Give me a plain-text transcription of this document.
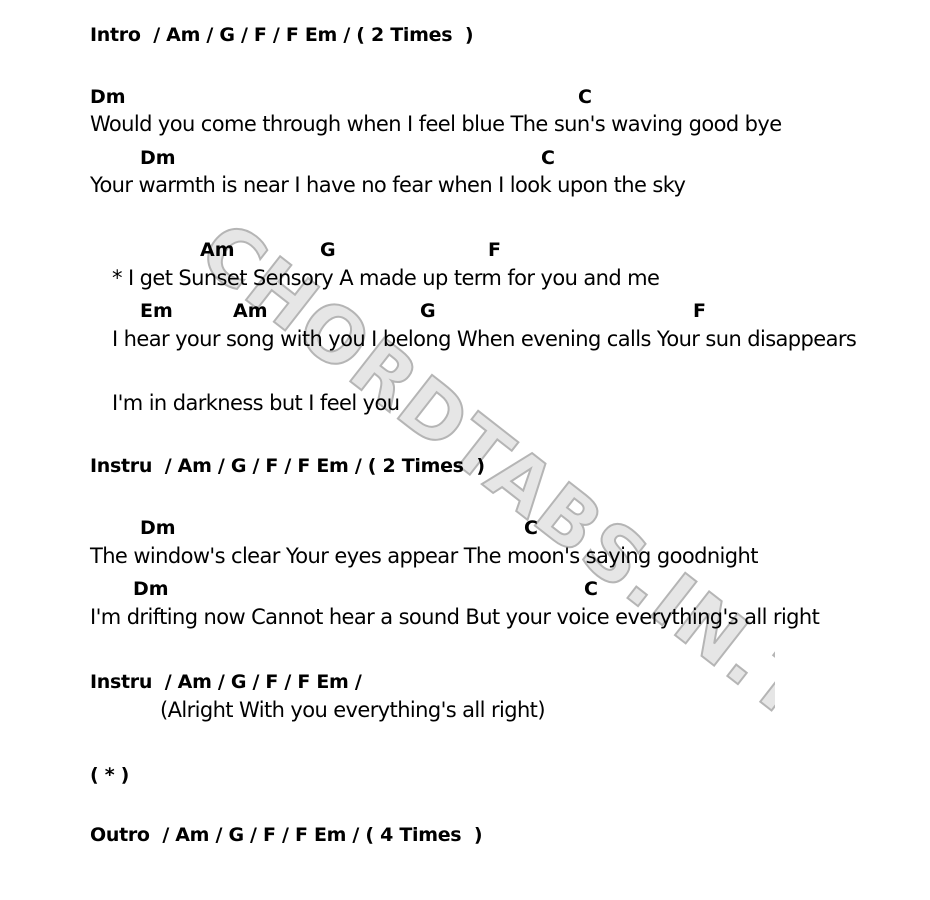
CHORDTABS.IN.TH
Intro  / Am / G / F / F Em / ( 2 Times  )
Dm	C
Would you come through when I feel blue The sun's waving good bye
Dm	C
Your warmth is near I have no fear when I look upon the sky
Am	G	F
* I get Sunset Sensory A made up term for you and me
Em	Am	G	F
I hear your song with you I belong When evening calls Your sun disappears
I'm in darkness but I feel you
Instru  / Am / G / F / F Em / ( 2 Times  )
Dm	C
The window's clear Your eyes appear The moon's saying goodnight
Dm	C
I'm drifting now Cannot hear a sound But your voice everything's all right
Instru  / Am / G / F / F Em /
(Alright With you everything's all right)
( * )
Outro  / Am / G / F / F Em / ( 4 Times  )
